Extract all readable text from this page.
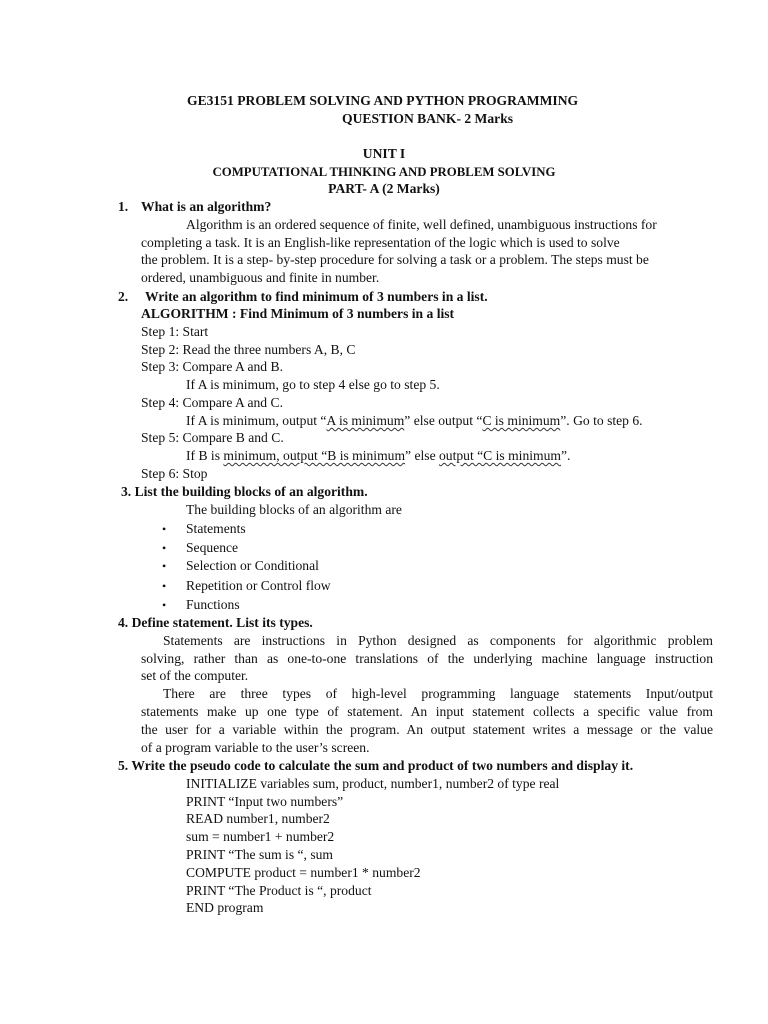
GE3151 PROBLEM SOLVING AND PYTHON PROGRAMMING
QUESTION BANK- 2 Marks
UNIT I
COMPUTATIONAL THINKING AND PROBLEM SOLVING
PART- A (2 Marks)
1. What is an algorithm?
Algorithm is an ordered sequence of finite, well defined, unambiguous instructions for
completing a task. It is an English-like representation of the logic which is used to solve
the problem. It is a step- by-step procedure for solving a task or a problem. The steps must be
ordered, unambiguous and finite in number.
2. Write an algorithm to find minimum of 3 numbers in a list.
ALGORITHM : Find Minimum of 3 numbers in a list
Step 1: Start
Step 2: Read the three numbers A, B, C
Step 3: Compare A and B.
If A is minimum, go to step 4 else go to step 5.
Step 4: Compare A and C.
If A is minimum, output “A is minimum” else output “C is minimum”. Go to step 6.
Step 5: Compare B and C.
If B is minimum, output “B is minimum” else output “C is minimum”.
Step 6: Stop
3. List the building blocks of an algorithm.
The building blocks of an algorithm are
• Statements
• Sequence
• Selection or Conditional
• Repetition or Control flow
• Functions
4. Define statement. List its types.
Statements are instructions in Python designed as components for algorithmic problem
solving, rather than as one-to-one translations of the underlying machine language instruction
set of the computer.
There are three types of high-level programming language statements Input/output
statements make up one type of statement. An input statement collects a specific value from
the user for a variable within the program. An output statement writes a message or the value
of a program variable to the user’s screen.
5. Write the pseudo code to calculate the sum and product of two numbers and display it.
INITIALIZE variables sum, product, number1, number2 of type real
PRINT “Input two numbers”
READ number1, number2
sum = number1 + number2
PRINT “The sum is “, sum
COMPUTE product = number1 * number2
PRINT “The Product is “, product
END program
